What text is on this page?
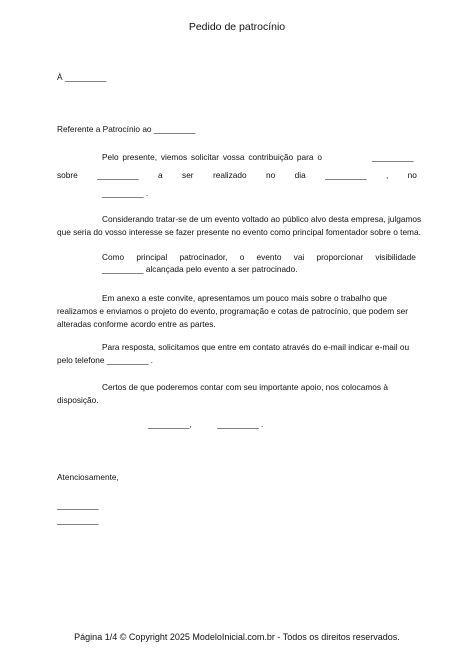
Pedido de patrocínio
À _________
Referente a Patrocínio ao _________
Pelo presente, viemos solicitar vossa contribuição para o	_________
sobre _________ a ser realizado no dia _________ , no
_________ .
Considerando tratar-se de um evento voltado ao público alvo desta empresa, julgamos
que seria do vosso interesse se fazer presente no evento como principal fomentador sobre o tema.
Como principal patrocinador, o evento vai proporcionar visibilidade
_________ alcançada pelo evento a ser patrocinado.
Em anexo a este convite, apresentamos um pouco mais sobre o trabalho que
realizamos e enviamos o projeto do evento, programação e cotas de patrocínio, que podem ser
alteradas conforme acordo entre as partes.
Para resposta, solicitamos que entre em contato através do e-mail indicar e-mail ou
pelo telefone _________ .
Certos de que poderemos contar com seu importante apoio, nos colocamos à
disposição.
_________,           _________ .
Atenciosamente,
_________
_________
Página 1/4 © Copyright 2025 ModeloInicial.com.br - Todos os direitos reservados.
